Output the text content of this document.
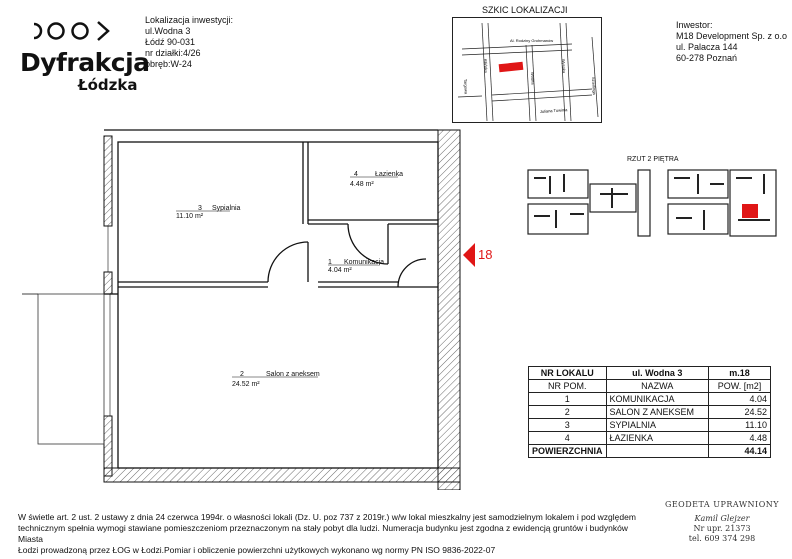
Dyfrakcja
Łódzka
Lokalizacja inwestycji:
ul.Wodna 3
Łódź 90-031
nr działki:4/26
obręb:W-24
SZKIC LOKALIZACJI
Al. Rodziny Grohmanów
Wodna
Juliana Tuwima
Targowa
Kilińska	Wysoka
Szterlinga
Inwestor:
M18 Development Sp. z o.o
ul. Palacza 144
60-278 Poznań
RZUT 2 PIĘTRA
3 Sypialnia
11.10 m²
4 Łazienka
4.48 m²
1 Komunikacja
4.04 m²
2	Salon z aneksem
24.52 m²
18
NR LOKALU	ul. Wodna 3	m.18
NR POM.	NAZWA	POW. [m2]
1	KOMUNIKACJA	4.04
2	SALON Z ANEKSEM	24.52
3	SYPIALNIA	11.10
4	ŁAZIENKA	4.48
POWIERZCHNIA		44.14
W świetle art. 2 ust. 2 ustawy z dnia 24 czerwca 1994r. o własności lokali (Dz. U. poz 737 z 2019r.) w/w lokal mieszkalny jest samodzielnym lokalem i pod względem
technicznym spełnia wymogi stawiane pomieszczeniom przeznaczonym na stały pobyt dla ludzi. Numeracja budynku jest zgodna z ewidencją gruntów i budynków Miasta
Łodzi prowadzoną przez ŁOG w Łodzi.Pomiar i obliczenie powierzchni użytkowych wykonano wg normy PN ISO 9836-2022-07
GEODETA UPRAWNIONY
Kamil Glejzer
Nr upr. 21373
tel. 609 374 298
